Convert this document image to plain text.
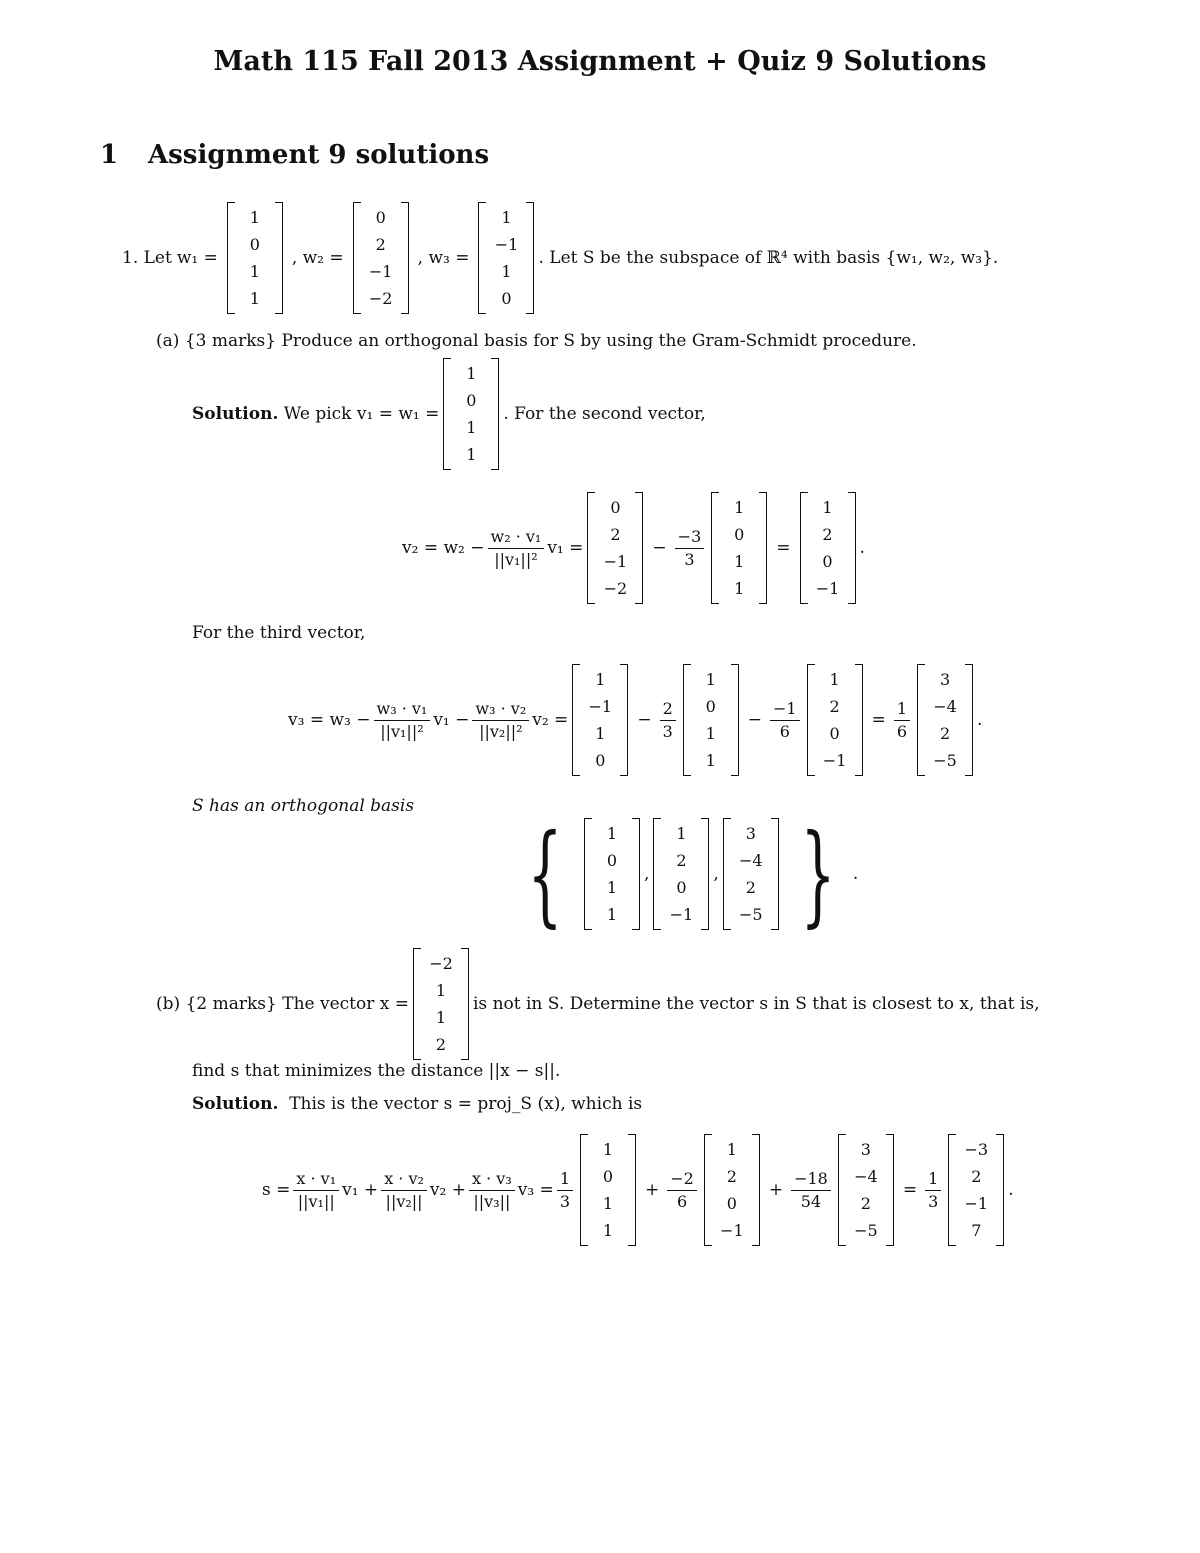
Math 115 Fall 2013 Assignment + Quiz 9 Solutions
1 Assignment 9 solutions
1. Let w₁ =
1
0
1
1
, w₂ =
0
2
−1
−2
, w₃ =
1
−1
1
0
. Let S be the subspace of ℝ⁴ with basis {w₁, w₂, w₃}.
(a) {3 marks} Produce an orthogonal basis for S by using the Gram-Schmidt procedure.
Solution.
We pick v₁ = w₁ =
1
0
1
1
. For the second vector,
$v_2 = w_2 - \frac{\text{w₂ · v₁}}{\text{||v₁||²}} v_1$ =
0
2
−1
−2
− $\frac{-3}{3}$
1
0
1
1
=
1
2
0
−1
.
For the third vector,
$v_3 = w_3 - \frac{\text{w₃ · v₁}}{\text{||v₁||²}} v_1 - \frac{\text{w₃ · v₂}}{\text{||v₂||²}} v_2$ =
1
−1
1
0
− $\frac{2}{3}$
1
0
1
1
− $\frac{-1}{6}$
1
2
0
−1
= $\frac{1}{6}$
3
−4
2
−5
.
S has an orthogonal basis
{	1
0
1
1
,
1
2
0
−1
,
3
−4
2
−5 } .
(b)
{2 marks} The vector x =
−2
1
1
2
is not in S. Determine the vector s in S that is closest to x, that is,
find s that minimizes the distance ||x − s||.
Solution. This is the vector s = proj_S (x), which is
$s = \frac{\text{x · v₁}}{\text{||v₁||}} v_1 + \frac{\text{x · v₂}}{\text{||v₂||}} v_2 + \frac{\text{x · v₃}}{\text{||v₃||}} v_3 = \frac{1}{3}$
1
0
1
1
+ $\frac{-2}{6}$
1
2
0
−1
+ $\frac{-18}{54}$
3
−4
2
−5
= $\frac{1}{3}$
−3
2
−1
7
.
